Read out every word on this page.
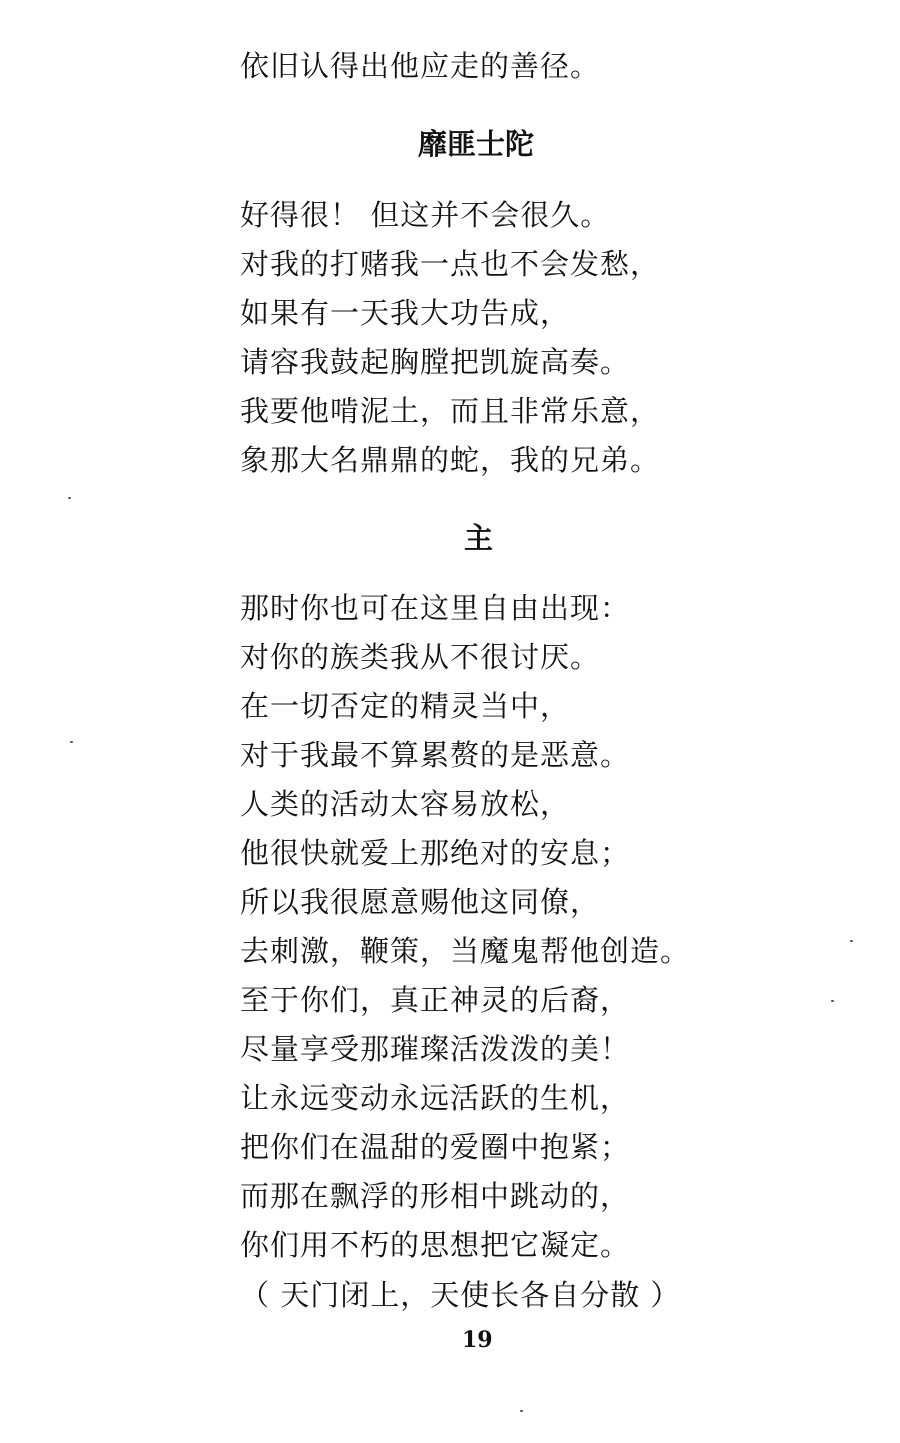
依旧认得出他应走的善径。
靡匪士陀
好得很！ 但这并不会很久。
对我的打赌我一点也不会发愁，
如果有一天我大功告成，
请容我鼓起胸膛把凯旋高奏。
我要他啃泥土，而且非常乐意，
象那大名鼎鼎的蛇，我的兄弟。
主
那时你也可在这里自由出现：
对你的族类我从不很讨厌。
在一切否定的精灵当中，
对于我最不算累赘的是恶意。
人类的活动太容易放松，
他很快就爱上那绝对的安息；
所以我很愿意赐他这同僚，
去刺激，鞭策，当魔鬼帮他创造。
至于你们，真正神灵的后裔，
尽量享受那璀璨活泼泼的美！
让永远变动永远活跃的生机，
把你们在温甜的爱圈中抱紧；
而那在飘浮的形相中跳动的，
你们用不朽的思想把它凝定。
（ 天门闭上，天使长各自分散 ）
19
